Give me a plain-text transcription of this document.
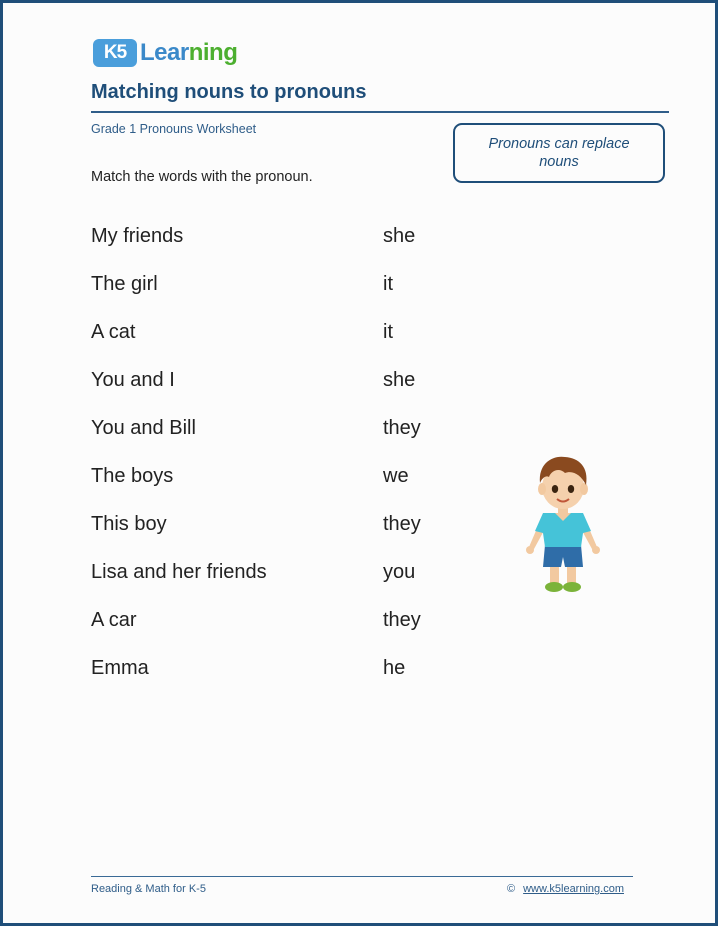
K5 Learning
Matching nouns to pronouns
Grade 1 Pronouns Worksheet
Pronouns can replace nouns
Match the words with the pronoun.
My friends	she
The girl	it
A cat	it
You and I	she
You and Bill	they
The boys	we
This boy	they
Lisa and her friends	you
A car	they
Emma	he
Reading & Math for K-5	© www.k5learning.com
